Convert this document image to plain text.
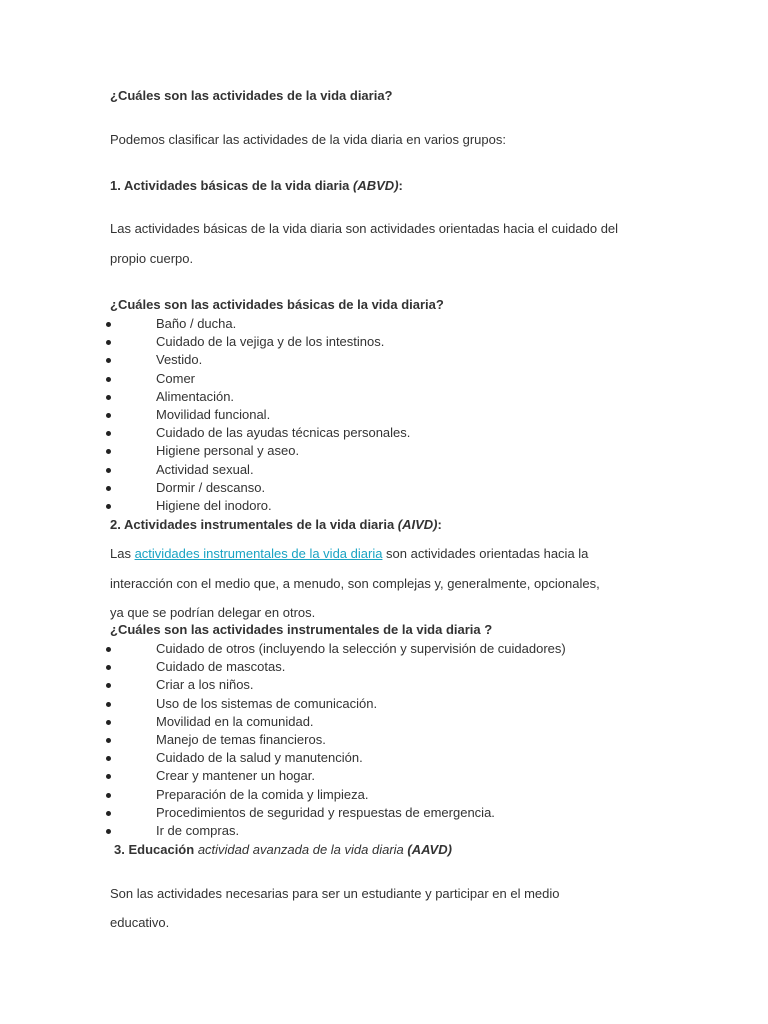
¿Cuáles son las actividades de la vida diaria?
Podemos clasificar las actividades de la vida diaria en varios grupos:
1. Actividades básicas de la vida diaria (ABVD):
Las actividades básicas de la vida diaria son actividades orientadas hacia el cuidado del
propio cuerpo.
¿Cuáles son las actividades básicas de la vida diaria?
Baño / ducha.
Cuidado de la vejiga y de los intestinos.
Vestido.
Comer
Alimentación.
Movilidad funcional.
Cuidado de las ayudas técnicas personales.
Higiene personal y aseo.
Actividad sexual.
Dormir / descanso.
Higiene del inodoro.
2. Actividades instrumentales de la vida diaria (AIVD):
Las actividades instrumentales de la vida diaria son actividades orientadas hacia la
interacción con el medio que, a menudo, son complejas y, generalmente, opcionales,
ya que se podrían delegar en otros.
¿Cuáles son las actividades instrumentales de la vida diaria ?
Cuidado de otros (incluyendo la selección y supervisión de cuidadores)
Cuidado de mascotas.
Criar a los niños.
Uso de los sistemas de comunicación.
Movilidad en la comunidad.
Manejo de temas financieros.
Cuidado de la salud y manutención.
Crear y mantener un hogar.
Preparación de la comida y limpieza.
Procedimientos de seguridad y respuestas de emergencia.
Ir de compras.
3. Educación actividad avanzada de la vida diaria (AAVD)
Son las actividades necesarias para ser un estudiante y participar en el medio
educativo.
